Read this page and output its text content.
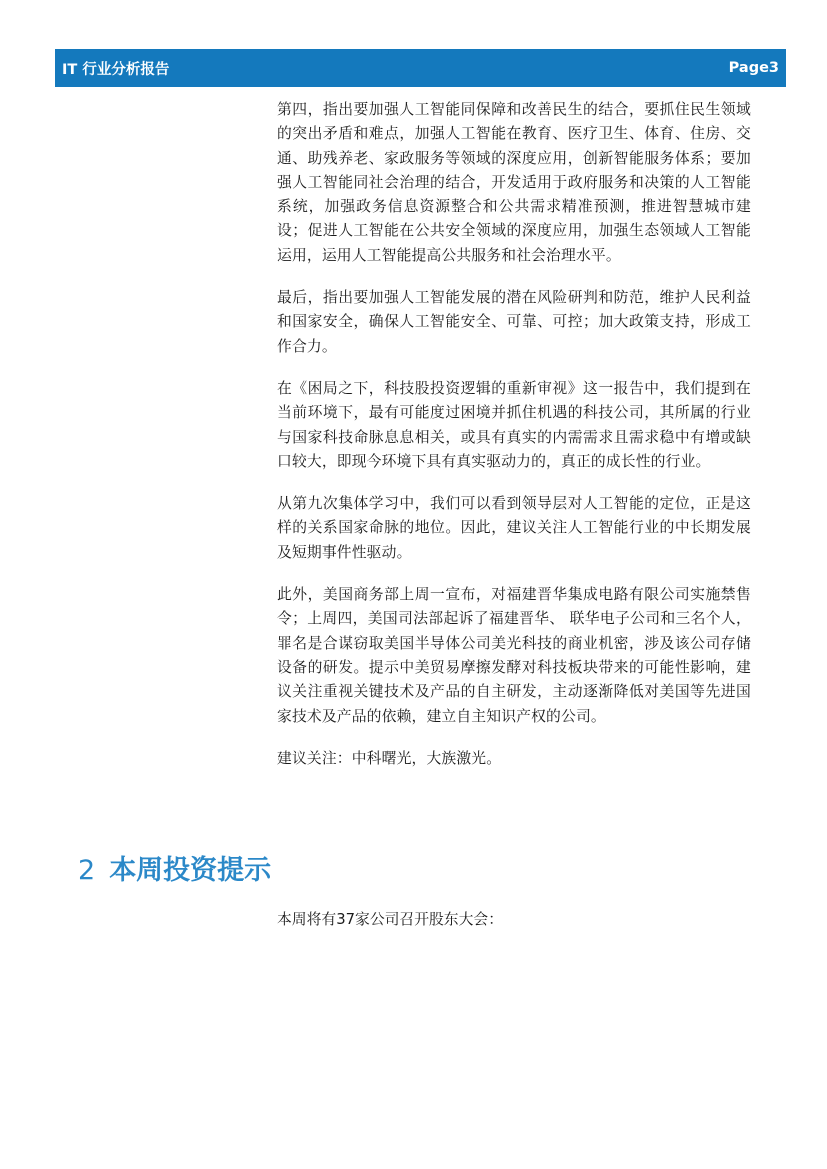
IT 行业分析报告	Page3

第四，指出要加强人工智能同保障和改善民生的结合，要抓住民生领域的突出矛盾和难点，加强人工智能在教育、医疗卫生、体育、住房、交通、助残养老、家政服务等领域的深度应用，创新智能服务体系；要加强人工智能同社会治理的结合，开发适用于政府服务和决策的人工智能系统，加强政务信息资源整合和公共需求精准预测，推进智慧城市建设；促进人工智能在公共安全领域的深度应用，加强生态领域人工智能运用，运用人工智能提高公共服务和社会治理水平。

最后，指出要加强人工智能发展的潜在风险研判和防范，维护人民利益和国家安全，确保人工智能安全、可靠、可控；加大政策支持，形成工作合力。

在《困局之下，科技股投资逻辑的重新审视》这一报告中，我们提到在当前环境下，最有可能度过困境并抓住机遇的科技公司，其所属的行业与国家科技命脉息息相关，或具有真实的内需需求且需求稳中有增或缺口较大，即现今环境下具有真实驱动力的，真正的成长性的行业。

从第九次集体学习中，我们可以看到领导层对人工智能的定位，正是这样的关系国家命脉的地位。因此，建议关注人工智能行业的中长期发展及短期事件性驱动。

此外，美国商务部上周一宣布，对福建晋华集成电路有限公司实施禁售令；上周四，美国司法部起诉了福建晋华、 联华电子公司和三名个人，罪名是合谋窃取美国半导体公司美光科技的商业机密，涉及该公司存储设备的研发。提示中美贸易摩擦发酵对科技板块带来的可能性影响，建议关注重视关键技术及产品的自主研发，主动逐渐降低对美国等先进国家技术及产品的依赖，建立自主知识产权的公司。

建议关注：中科曙光，大族激光。

2 本周投资提示

本周将有37家公司召开股东大会：
